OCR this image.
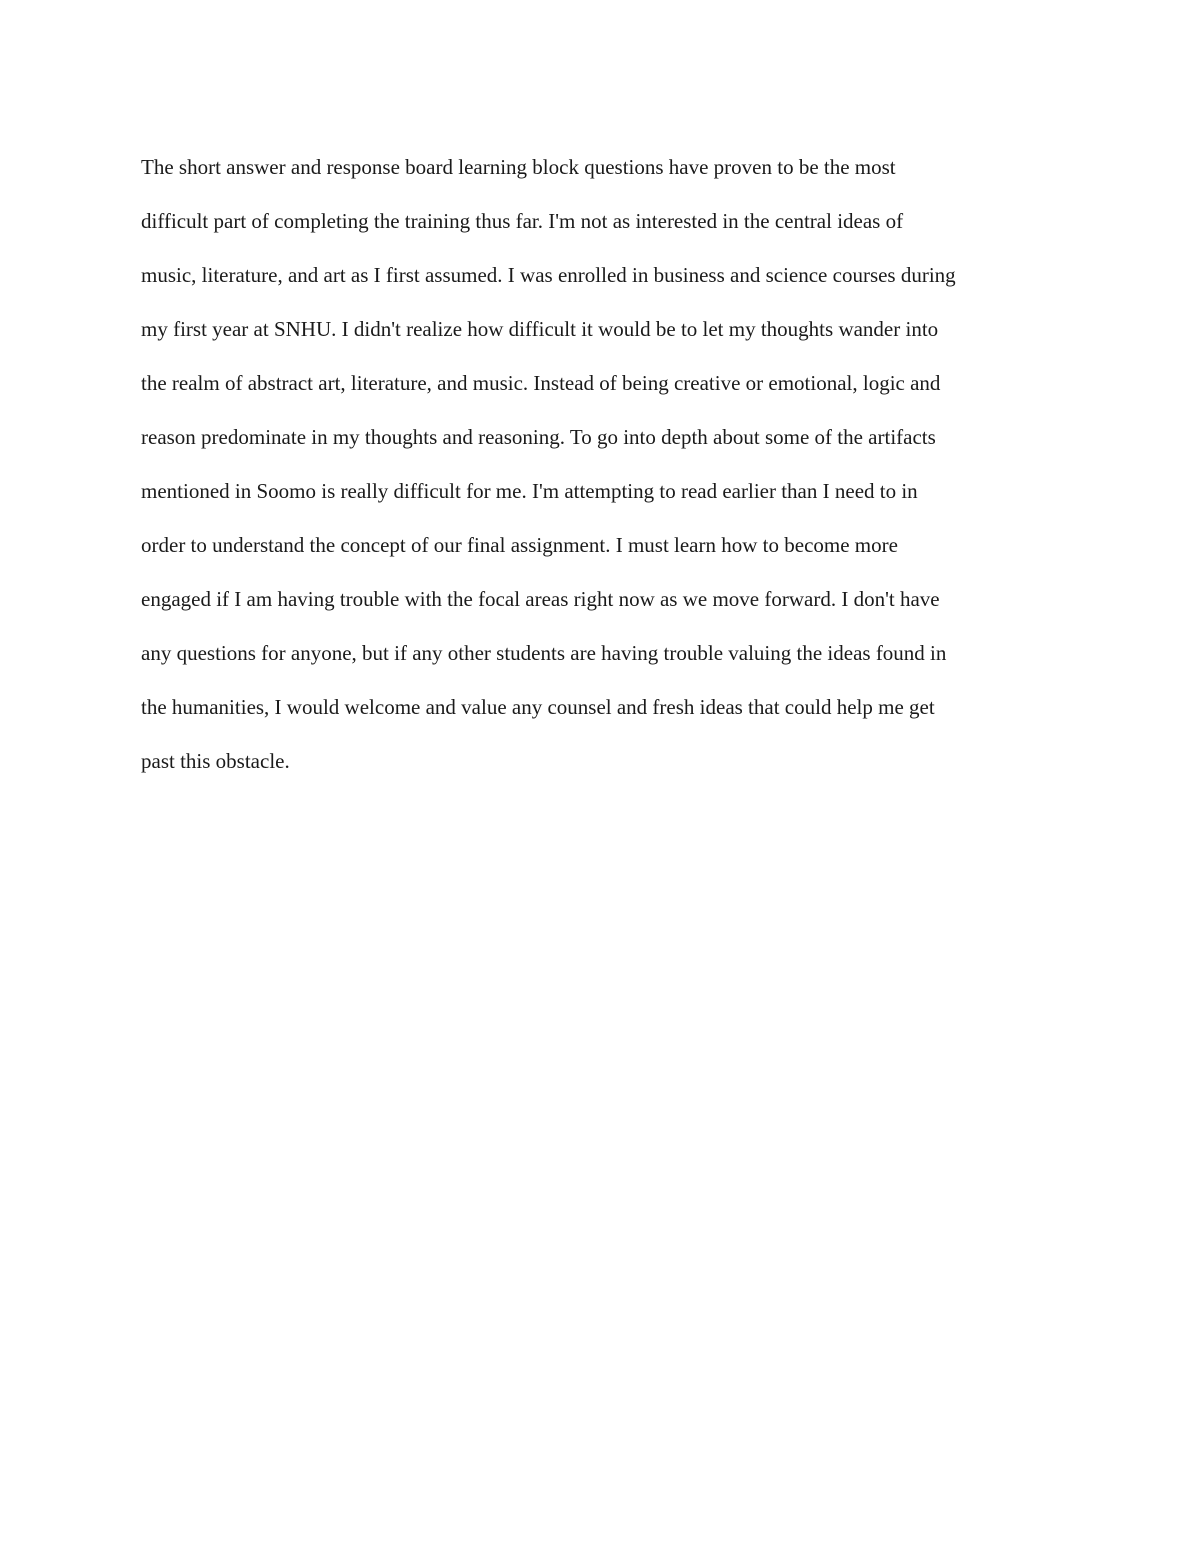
The short answer and response board learning block questions have proven to be the most
difficult part of completing the training thus far. I'm not as interested in the central ideas of
music, literature, and art as I first assumed. I was enrolled in business and science courses during
my first year at SNHU. I didn't realize how difficult it would be to let my thoughts wander into
the realm of abstract art, literature, and music. Instead of being creative or emotional, logic and
reason predominate in my thoughts and reasoning. To go into depth about some of the artifacts
mentioned in Soomo is really difficult for me. I'm attempting to read earlier than I need to in
order to understand the concept of our final assignment. I must learn how to become more
engaged if I am having trouble with the focal areas right now as we move forward. I don't have
any questions for anyone, but if any other students are having trouble valuing the ideas found in
the humanities, I would welcome and value any counsel and fresh ideas that could help me get
past this obstacle.
